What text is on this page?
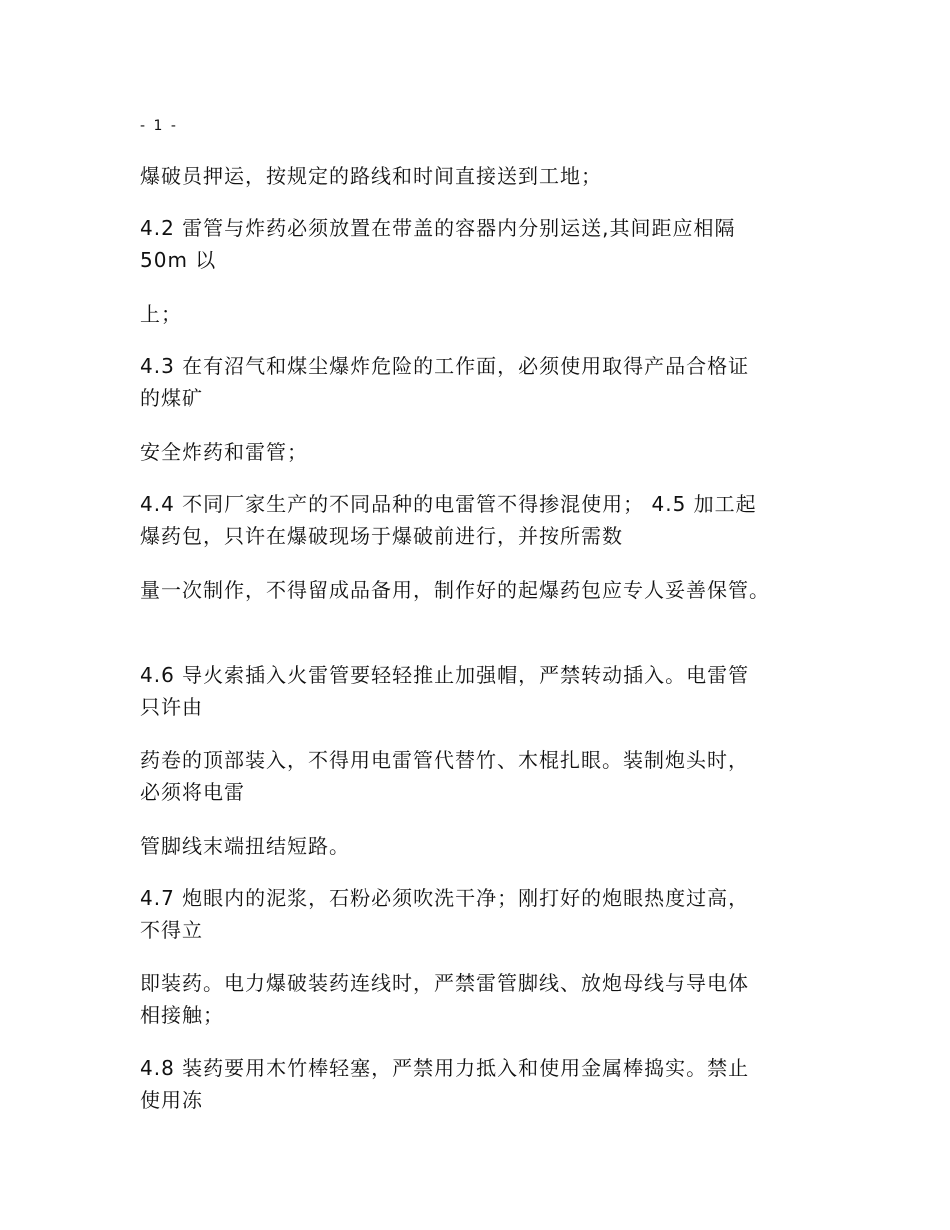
- 1 -
爆破员押运，按规定的路线和时间直接送到工地；
4.2 雷管与炸药必须放置在带盖的容器内分别运送,其间距应相隔
50m 以
上；
4.3 在有沼气和煤尘爆炸危险的工作面，必须使用取得产品合格证
的煤矿
安全炸药和雷管；
4.4 不同厂家生产的不同品种的电雷管不得掺混使用； 4.5 加工起
爆药包，只许在爆破现场于爆破前进行，并按所需数
量一次制作，不得留成品备用，制作好的起爆药包应专人妥善保管。
4.6 导火索插入火雷管要轻轻推止加强帽，严禁转动插入。电雷管
只许由
药卷的顶部装入，不得用电雷管代替竹、木棍扎眼。装制炮头时，
必须将电雷
管脚线末端扭结短路。
4.7 炮眼内的泥浆，石粉必须吹洗干净；刚打好的炮眼热度过高，
不得立
即装药。电力爆破装药连线时，严禁雷管脚线、放炮母线与导电体
相接触；
4.8 装药要用木竹棒轻塞，严禁用力抵入和使用金属棒捣实。禁止
使用冻
